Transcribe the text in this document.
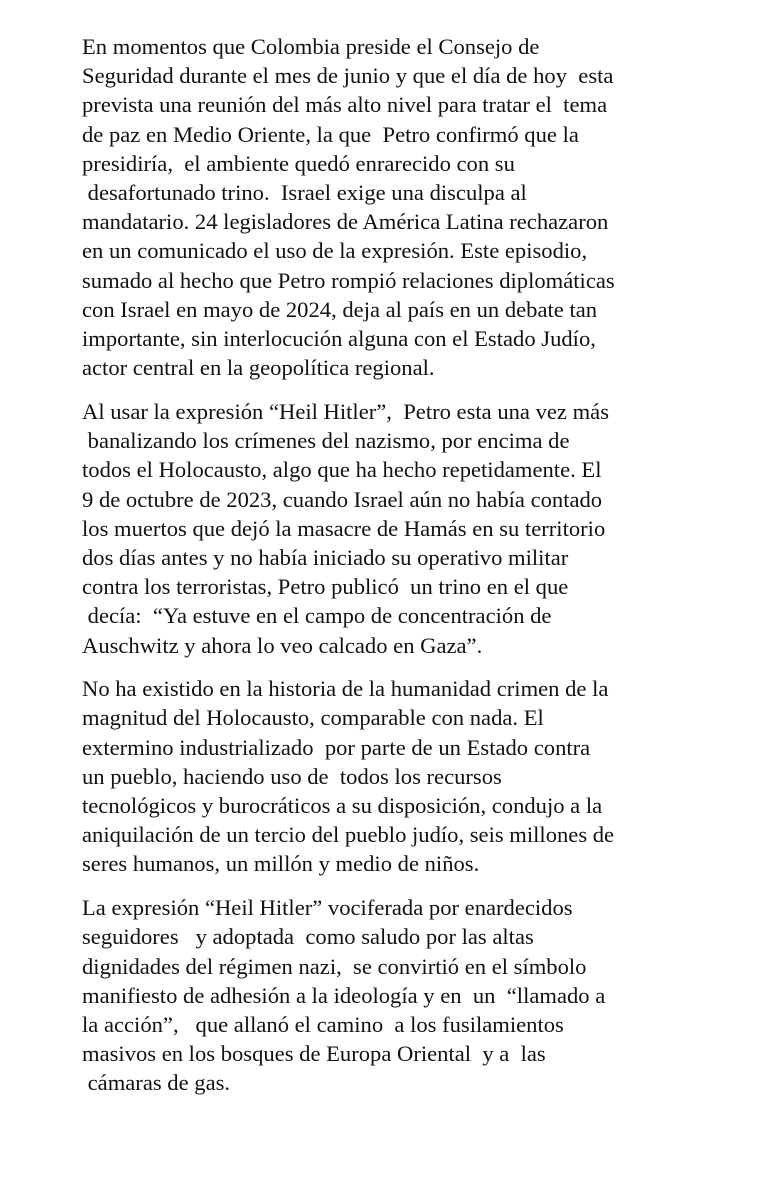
En momentos que Colombia preside el Consejo de
Seguridad durante el mes de junio y que el día de hoy  esta
prevista una reunión del más alto nivel para tratar el  tema
de paz en Medio Oriente, la que  Petro confirmó que la
presidiría,  el ambiente quedó enrarecido con su
desafortunado trino.  Israel exige una disculpa al
mandatario. 24 legisladores de América Latina rechazaron
en un comunicado el uso de la expresión. Este episodio,
sumado al hecho que Petro rompió relaciones diplomáticas
con Israel en mayo de 2024, deja al país en un debate tan
importante, sin interlocución alguna con el Estado Judío,
actor central en la geopolítica regional.

Al usar la expresión “Heil Hitler”,  Petro esta una vez más
banalizando los crímenes del nazismo, por encima de
todos el Holocausto, algo que ha hecho repetidamente. El
9 de octubre de 2023, cuando Israel aún no había contado
los muertos que dejó la masacre de Hamás en su territorio
dos días antes y no había iniciado su operativo militar
contra los terroristas, Petro publicó  un trino en el que
decía:  “Ya estuve en el campo de concentración de
Auschwitz y ahora lo veo calcado en Gaza”.

No ha existido en la historia de la humanidad crimen de la
magnitud del Holocausto, comparable con nada. El
extermino industrializado  por parte de un Estado contra
un pueblo, haciendo uso de  todos los recursos
tecnológicos y burocráticos a su disposición, condujo a la
aniquilación de un tercio del pueblo judío, seis millones de
seres humanos, un millón y medio de niños.

La expresión “Heil Hitler” vociferada por enardecidos
seguidores   y adoptada  como saludo por las altas
dignidades del régimen nazi,  se convirtió en el símbolo
manifiesto de adhesión a la ideología y en  un  “llamado a
la acción”,   que allanó el camino  a los fusilamientos
masivos en los bosques de Europa Oriental  y a  las
cámaras de gas.
